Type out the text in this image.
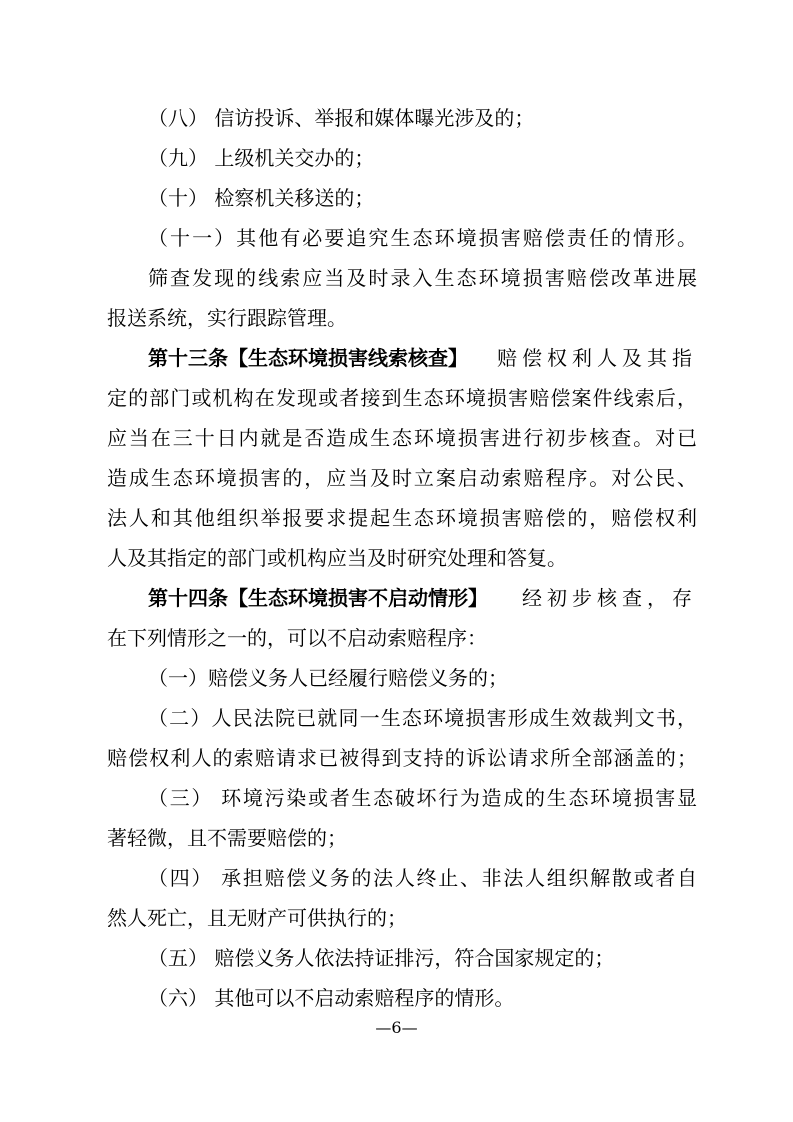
（八） 信访投诉、举报和媒体曝光涉及的；
（九） 上级机关交办的；
（十） 检察机关移送的；
（十一）其他有必要追究生态环境损害赔偿责任的情形。
筛查发现的线索应当及时录入生态环境损害赔偿改革进展
报送系统，实行跟踪管理。
第十三条【生态环境损害线索核查】 赔偿权利人及其指
定的部门或机构在发现或者接到生态环境损害赔偿案件线索后，
应当在三十日内就是否造成生态环境损害进行初步核查。对已
造成生态环境损害的，应当及时立案启动索赔程序。对公民、
法人和其他组织举报要求提起生态环境损害赔偿的，赔偿权利
人及其指定的部门或机构应当及时研究处理和答复。
第十四条【生态环境损害不启动情形】 经初步核查，存
在下列情形之一的，可以不启动索赔程序：
（一）赔偿义务人已经履行赔偿义务的；
（二）人民法院已就同一生态环境损害形成生效裁判文书，
赔偿权利人的索赔请求已被得到支持的诉讼请求所全部涵盖的；
（三） 环境污染或者生态破坏行为造成的生态环境损害显
著轻微，且不需要赔偿的；
（四） 承担赔偿义务的法人终止、非法人组织解散或者自
然人死亡，且无财产可供执行的；
（五） 赔偿义务人依法持证排污，符合国家规定的；
（六） 其他可以不启动索赔程序的情形。
—6—
